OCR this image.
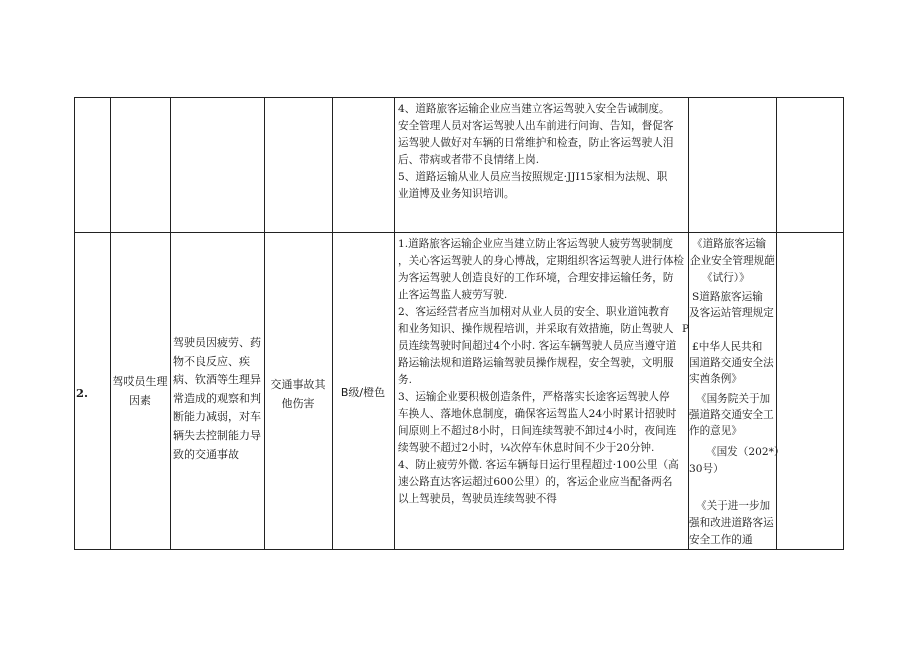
4、道路旅客运输企业应当建立客运驾驶入安全告诫制度。
安全管理人员对客运驾驶人出车前进行问询、告知，督促客
运驾驶人做好对车辆的日常维护和检查，防止客运驾驶人泪
后、带病或者带不良情绪上岗.
5、道路运输从业人员应当按照规定·JJI15家相为法规、职
业道博及业务知识培训。
2.
驾哎员生理因素
驾驶员因疲劳、药物不良反应、疾病、钦酒等生理异常造成的观察和判断能力减弱，对车辆失去控制能力导致的交通事故
交通事故其他伤害
B级/橙色
1.道路旅客运输企业应当建立防止客运驾驶人疲劳驾驶制度
，关心客运驾驶人的身心博战，定期组织客运驾驶人进行体检
为客运驾驶人创造良好的工作环境，合理安排运输任务，防
止客运驾监人疲劳写驶.
2、客运经营者应当加栩对从业人员的安全、职业道饨教育
和业务知识、操作规程培训，并采取有效措施，防止驾驶人
员连续驾驶时间超过4个小时. 客运车辆驾驶人员应当遵守道
路运输法规和道路运输驾驶员操作规程，安全驾驶，文明服
务.
3、运输企业要积极创造条件，严格落实长途客运驾驶人停
车换人、落地休息制度，确保客运驾监人24小时累计招驶时
间原则上不超过8小时，日间连续驾驶不卸过4小时，夜间连
续驾驶不超过2小时，¼次停车休息时间不少于20分钟.
4、防止疲劳外微. 客运车辆每日运行里程超过·100公里（高
速公路直达客运超过600公里）的，客运企业应当配备两名
以上驾驶员，驾驶员连续驾驶不得
《道路旅客运输
企业安全管理规葩
《试行）》
S道路旅客运输
及客运站管理规定
P
£中华人民共和
国道路交通安全法
实酋条例》
《国务院关于加
强道路交通安全工
作的意见》
《国发（202*）
30号）
《关于进一步加
强和改进道路客运
安全工作的通
